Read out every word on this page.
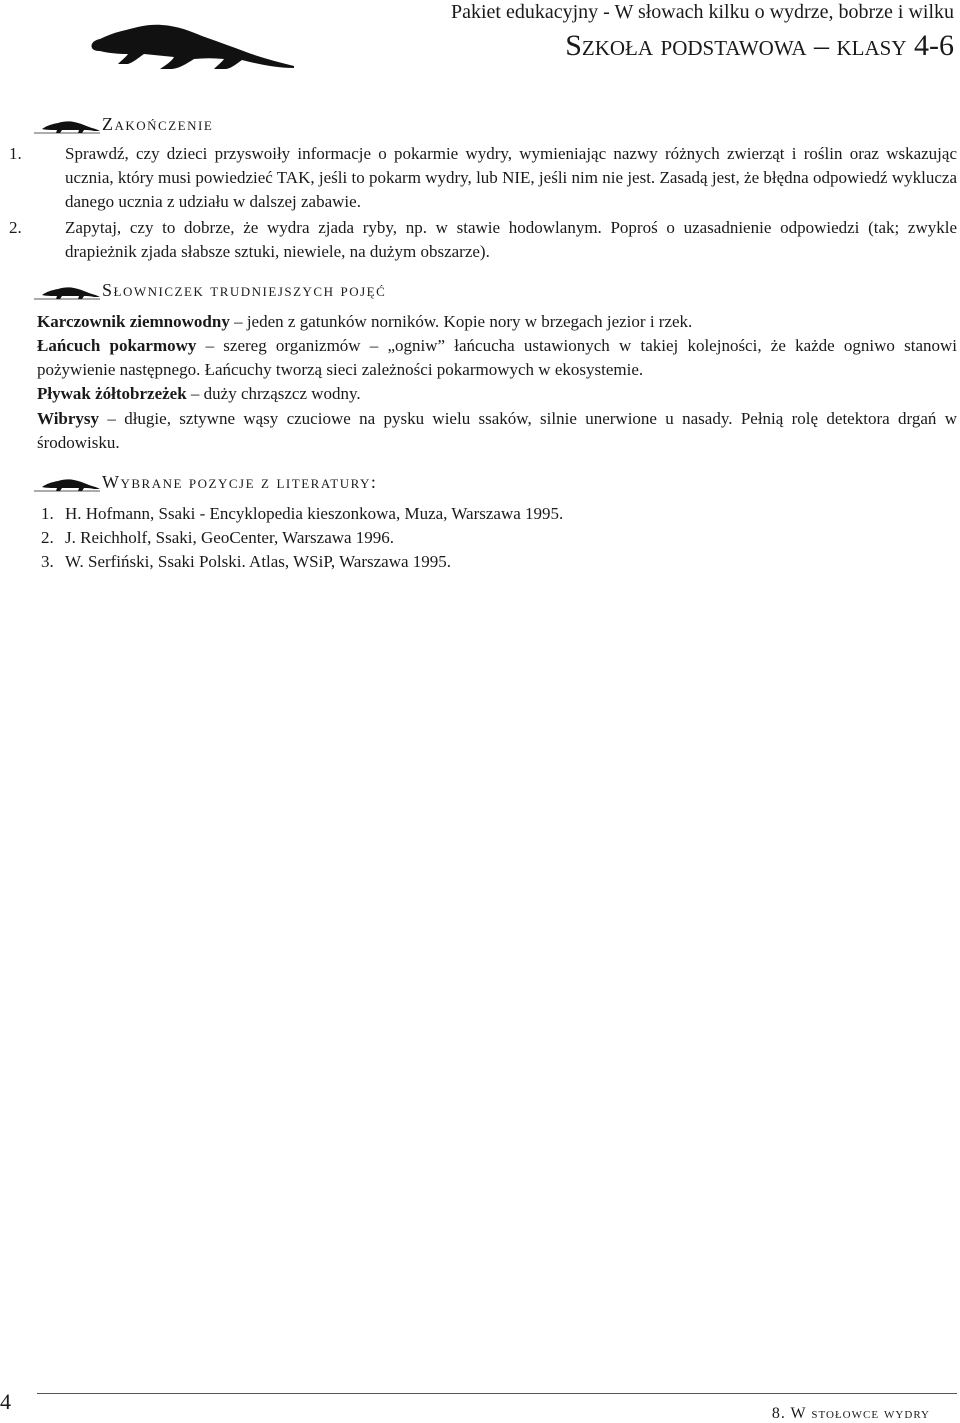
Pakiet edukacyjny - W słowach kilku o wydrze, bobrze i wilku
Szkoła podstawowa – klasy 4-6
Zakończenie
1.	Sprawdź, czy dzieci przyswoiły informacje o pokarmie wydry, wymieniając nazwy różnych zwierząt i roślin oraz wskazując ucznia, który musi powiedzieć TAK, jeśli to pokarm wydry, lub NIE, jeśli nim nie jest. Zasadą jest, że błędna odpowiedź wyklucza danego ucznia z udziału w dalszej zabawie.
2.	Zapytaj, czy to dobrze, że wydra zjada ryby, np. w stawie hodowlanym. Poproś o uzasadnienie odpowiedzi (tak; zwykle drapieżnik zjada słabsze sztuki, niewiele, na dużym obszarze).
Słowniczek trudniejszych pojęć
Karczownik ziemnowodny – jeden z gatunków norników. Kopie nory w brzegach jezior i rzek.
Łańcuch pokarmowy – szereg organizmów – „ogniw” łańcucha ustawionych w takiej kolejności, że każde ogniwo stanowi pożywienie następnego. Łańcuchy tworzą sieci zależności pokarmowych w ekosystemie.
Pływak żółtobrzeżek – duży chrząszcz wodny.
Wibrysy – długie, sztywne wąsy czuciowe na pysku wielu ssaków, silnie unerwione u nasady. Pełnią rolę detektora drgań w środowisku.
Wybrane pozycje z literatury:
1. H. Hofmann, Ssaki - Encyklopedia kieszonkowa, Muza, Warszawa 1995.
2. J. Reichholf, Ssaki, GeoCenter, Warszawa 1996.
3. W. Serfiński, Ssaki Polski. Atlas, WSiP, Warszawa 1995.
4	8. W stołowce wydry
